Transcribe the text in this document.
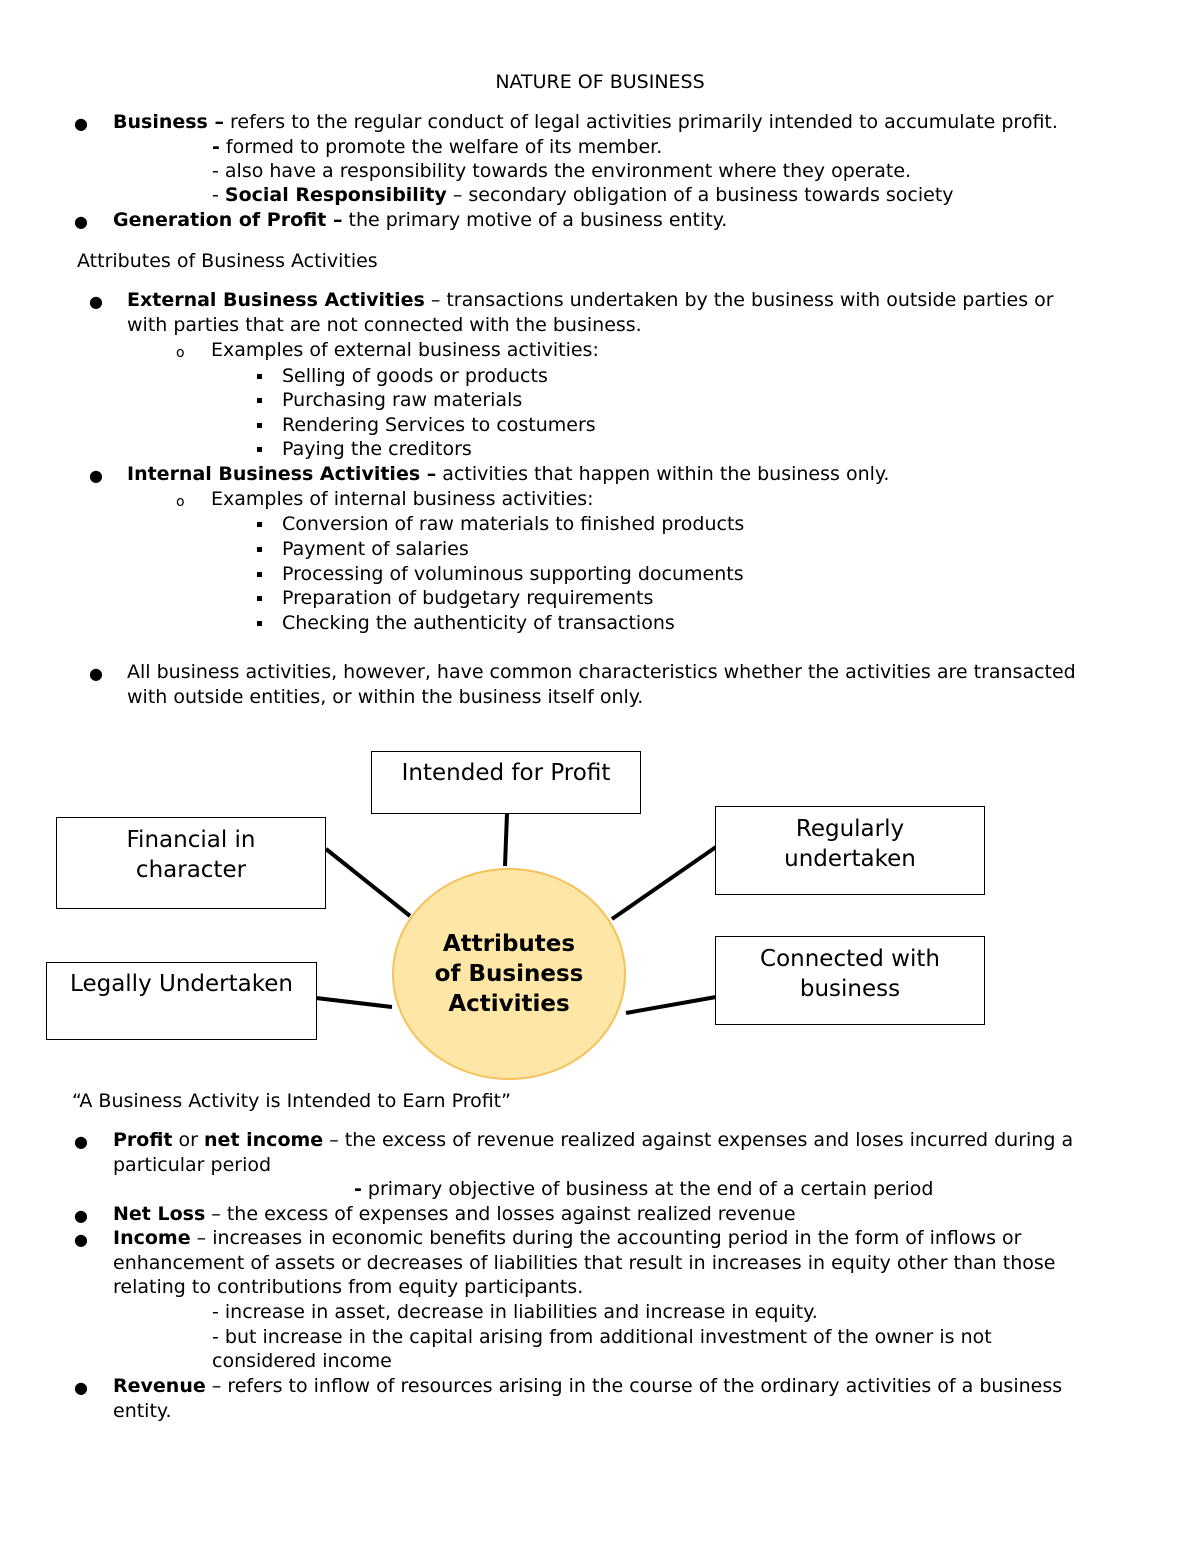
NATURE OF BUSINESS
● Business – refers to the regular conduct of legal activities primarily intended to accumulate profit.
- formed to promote the welfare of its member.
- also have a responsibility towards the environment where they operate.
- Social Responsibility – secondary obligation of a business towards society
● Generation of Profit – the primary motive of a business entity.
Attributes of Business Activities
● External Business Activities – transactions undertaken by the business with outside parties or
with parties that are not connected with the business.
o Examples of external business activities:
Selling of goods or products
Purchasing raw materials
Rendering Services to costumers
Paying the creditors
● Internal Business Activities – activities that happen within the business only.
o Examples of internal business activities:
Conversion of raw materials to finished products
Payment of salaries
Processing of voluminous supporting documents
Preparation of budgetary requirements
Checking the authenticity of transactions
● All business activities, however, have common characteristics whether the activities are transacted
with outside entities, or within the business itself only.
Intended for Profit
Financial in
character
Regularly
undertaken
Legally Undertaken
Connected with
business
Attributes
of Business
Activities
“A Business Activity is Intended to Earn Profit”
● Profit or net income – the excess of revenue realized against expenses and loses incurred during a
particular period
- primary objective of business at the end of a certain period
● Net Loss – the excess of expenses and losses against realized revenue
● Income – increases in economic benefits during the accounting period in the form of inflows or
enhancement of assets or decreases of liabilities that result in increases in equity other than those
relating to contributions from equity participants.
- increase in asset, decrease in liabilities and increase in equity.
- but increase in the capital arising from additional investment of the owner is not
considered income
● Revenue – refers to inflow of resources arising in the course of the ordinary activities of a business
entity.
